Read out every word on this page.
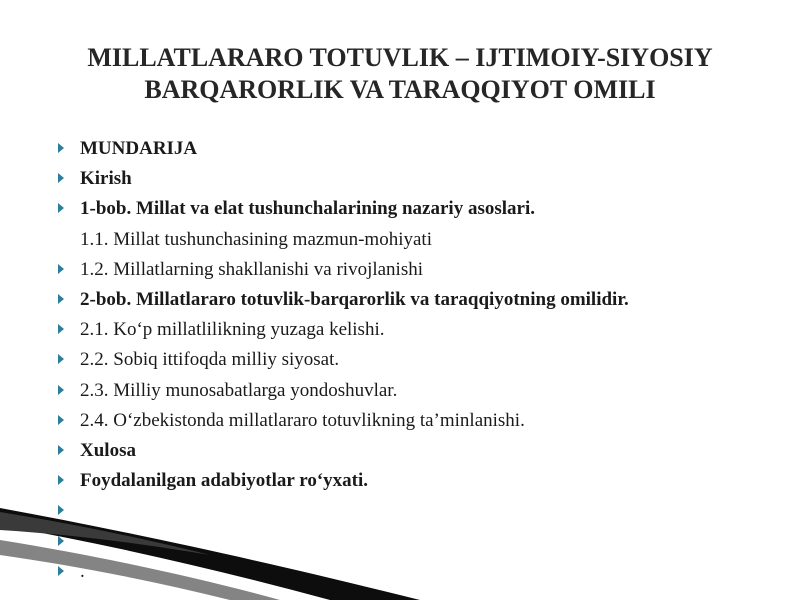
MILLATLARARO TOTUVLIK – IJTIMOIY-SIYOSIY
BARQARORLIK VA TARAQQIYOT OMILI
MUNDARIJA
Kirish
1-bob. Millat va elat tushunchalarining nazariy asoslari.
1.1. Millat tushunchasining mazmun-mohiyati
1.2. Millatlarning shakllanishi va rivojlanishi
2-bob. Millatlararo totuvlik-barqarorlik va taraqqiyotning omilidir.
2.1. Ko‘p millatlilikning yuzaga kelishi.
2.2. Sobiq ittifoqda milliy siyosat.
2.3. Milliy munosabatlarga yondoshuvlar.
2.4. O‘zbekistonda millatlararo totuvlikning ta’minlanishi.
Xulosa
Foydalanilgan adabiyotlar ro‘yxati.
.
